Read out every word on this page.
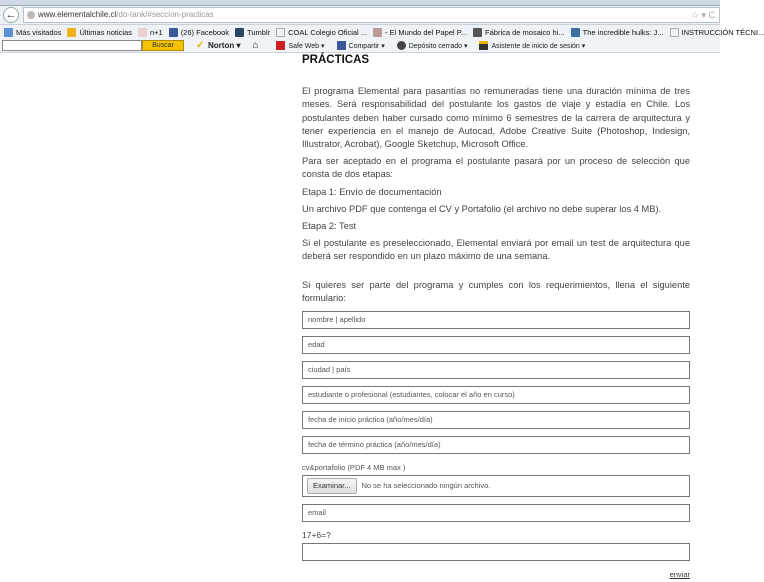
←	www.elementalchile.cl/do-tank/#seccion-practicas	☆ ▾ C
Más visitados Últimas noticias n+1 (26) Facebook Tumblr COAL Colegio Oficial ... - El Mundo del Papel P... Fábrica de mosaico hi... The incredible hulks: J... INSTRUCCIÓN TÉCNI...
Buscar	✓ Norton ▾ ⌂	Safe Web ▾	Compartir ▾	Depósito cerrado ▾	Asistente de inicio de sesión ▾
PRÁCTICAS

El programa Elemental para pasantías no remuneradas tiene una duración mínima de tres meses. Será responsabilidad del postulante los gastos de viaje y estadía en Chile. Los postulantes deben haber cursado como mínimo 6 semestres de la carrera de arquitectura y tener experiencia en el manejo de Autocad, Adobe Creative Suite (Photoshop, Indesign, Illustrator, Acrobat), Google Sketchup, Microsoft Office.

Para ser aceptado en el programa el postulante pasará por un proceso de selección que consta de dos etapas:

Etapa 1: Envío de documentación

Un archivo PDF que contenga el CV y Portafolio (el archivo no debe superar los 4 MB).

Etapa 2: Test

Si el postulante es preseleccionado, Elemental enviará por email un test de arquitectura que deberá ser respondido en un plazo máximo de una semana.

Si quieres ser parte del programa y cumples con los requerimientos, llena el siguiente formulario:

nombre | apellido
edad
ciudad | país
estudiante o profesional (estudiantes, colocar el año en curso)
fecha de inicio práctica (año/mes/día)
fecha de término práctica (año/mes/día)
cv&portafolio (PDF 4 MB max )
Examinar...	No se ha seleccionado ningún archivo.
email
17+6=?
enviar
